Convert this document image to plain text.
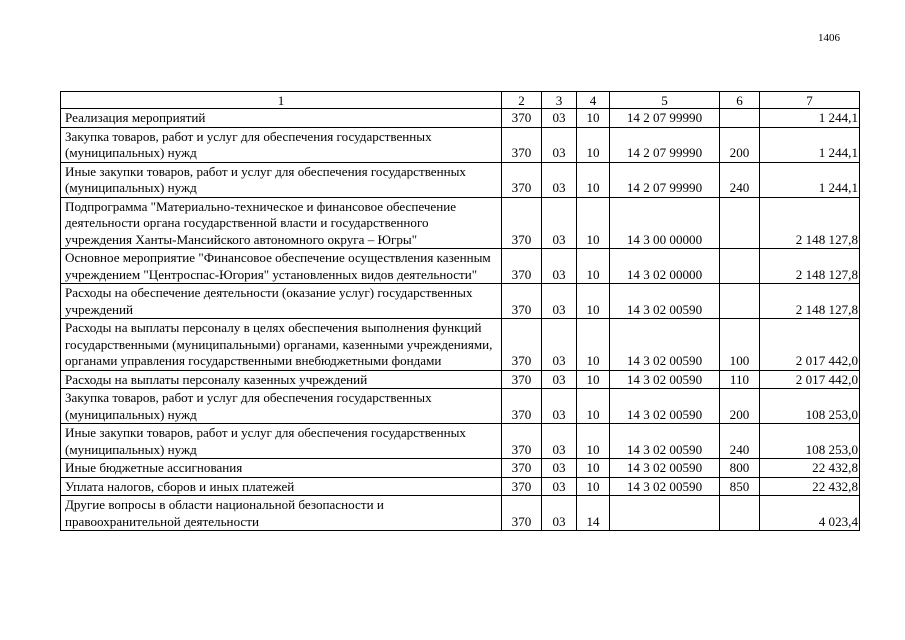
1406
1	2	3	4	5	6	7
Реализация мероприятий	370	03	10	14 2 07 99990		1 244,1
Закупка товаров, работ и услуг для обеспечения государственных (муниципальных) нужд	370	03	10	14 2 07 99990	200	1 244,1
Иные закупки товаров, работ и услуг для обеспечения государственных (муниципальных) нужд	370	03	10	14 2 07 99990	240	1 244,1
Подпрограмма "Материально-техническое и финансовое обеспечение деятельности органа государственной власти и государственного учреждения Ханты-Мансийского автономного округа – Югры"	370	03	10	14 3 00 00000		2 148 127,8
Основное мероприятие "Финансовое обеспечение осуществления казенным учреждением "Центроспас-Югория" установленных видов деятельности"	370	03	10	14 3 02 00000		2 148 127,8
Расходы на обеспечение деятельности (оказание услуг) государственных учреждений	370	03	10	14 3 02 00590		2 148 127,8
Расходы на выплаты персоналу в целях обеспечения выполнения функций государственными (муниципальными) органами, казенными учреждениями, органами управления государственными внебюджетными фондами	370	03	10	14 3 02 00590	100	2 017 442,0
Расходы на выплаты персоналу казенных учреждений	370	03	10	14 3 02 00590	110	2 017 442,0
Закупка товаров, работ и услуг для обеспечения государственных (муниципальных) нужд	370	03	10	14 3 02 00590	200	108 253,0
Иные закупки товаров, работ и услуг для обеспечения государственных (муниципальных) нужд	370	03	10	14 3 02 00590	240	108 253,0
Иные бюджетные ассигнования	370	03	10	14 3 02 00590	800	22 432,8
Уплата налогов, сборов и иных платежей	370	03	10	14 3 02 00590	850	22 432,8
Другие вопросы в области национальной безопасности и правоохранительной деятельности	370	03	14			4 023,4
